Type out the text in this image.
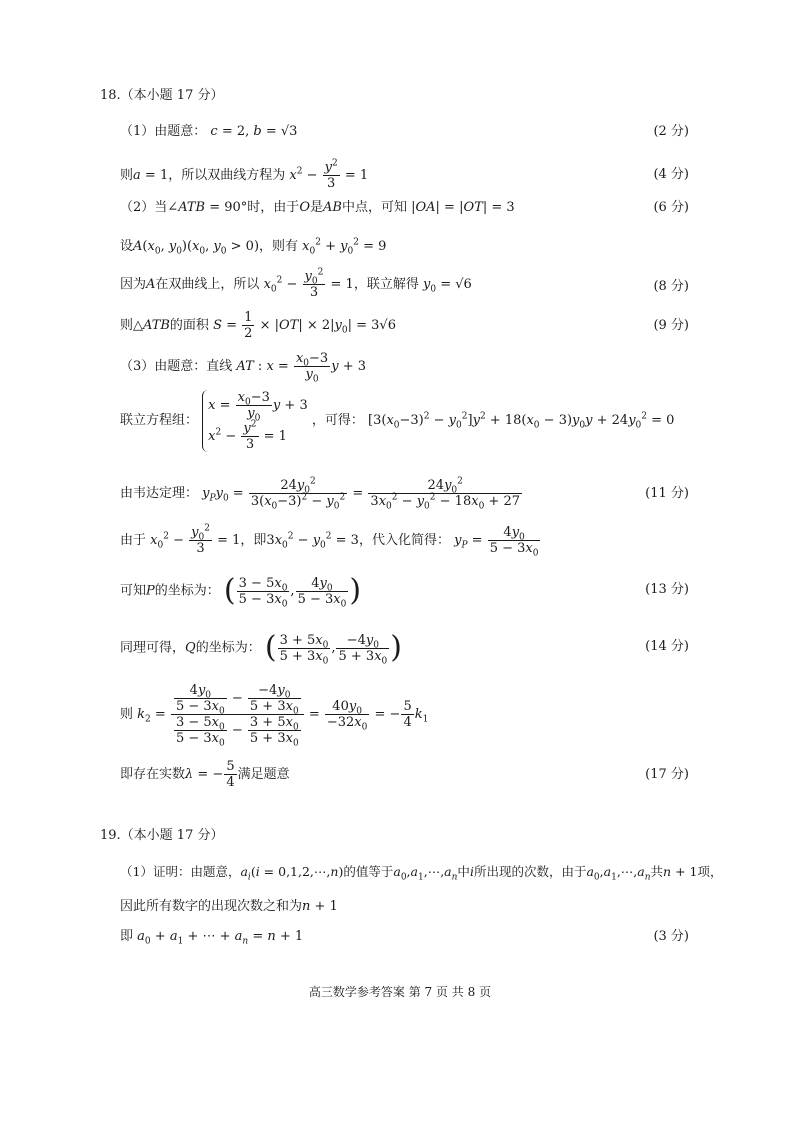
18.（本小题 17 分）
（1）由题意： c = 2, b = √3	(2 分)
则a = 1，所以双曲线方程为 $x^2 - \frac{y^2}{3} = 1$	(4 分)
（2）当∠ATB = 90°时，由于O是AB中点，可知 |OA| = |OT| = 3	(6 分)
设$A(x_0$, $y_0)(x_0$, $y_0 > 0$)，则有 $x_0^2 + y_0^2 = 9$
因为A在双曲线上，所以 $x_0^2 - \frac{y_0^2}{3} = 1$，联立解得 $y_0 = √6$	(8 分)
则△ATB的面积 $S = \frac{1}{2} \times |OT| \times 2|y_0| = 3√6$	(9 分)
（3）由题意：直线 AT : $x = \frac{x_0-3}{y_0}$ y + 3
联立方程组：
$x = \frac{x_0-3}{y_0}$ y + 3
$x^2 - \frac{y^2}{3} = 1$
，可得： $[3(x_0-3)^2 - y_0^2]y^2 + 18(x_0 - 3)y_0y + 24y_0^2 = 0$
由韦达定理： $y_Py_0 = \frac{24y_0^2}{3(x_0-3)^2 - y_0^2} = \frac{24y_0^2}{3x_0^2 - y_0^2 - 18x_0 + 27}$	(11 分)
由于 $x_0^2 - \frac{y_0^2}{3} = 1$，即$3x_0^2 - y_0^2 = 3$，代入化简得： $y_P = \frac{4y_0}{5 - 3x_0}$
可知P的坐标为： ( $\frac{3 - 5x_0}{5 - 3x_0}$ , $\frac{4y_0}{5 - 3x_0}$ )	(13 分)
同理可得，Q的坐标为： ( $\frac{3 + 5x_0}{5 + 3x_0}$ , $\frac{-4y_0}{5 + 3x_0}$ )	(14 分)
则 $k_2 = \frac{\frac{4y_0}{5 - 3x_0} - \frac{-4y_0}{5 + 3x_0}}{\frac{3 - 5x_0}{5 - 3x_0} - \frac{3 + 5x_0}{5 + 3x_0}} = \frac{40y_0}{-32x_0}$ = − $\frac{5}{4} k_1$
即存在实数λ = − $\frac{5}{4}$ 满足题意	(17 分)
19.（本小题 17 分）
（1）证明：由题意，$a_i(i$ = 0,1,2,⋯,n)的值等于$a_0,a_1,\cdots,a_n$中i所出现的次数，由于$a_0,a_1,\cdots,a_n$共n + 1项，
因此所有数字的出现次数之和为n + 1
即 $a_0 + a_1$ + ⋯ + $a_n = n + 1$	(3 分)
高三数学参考答案 第 7 页 共 8 页
